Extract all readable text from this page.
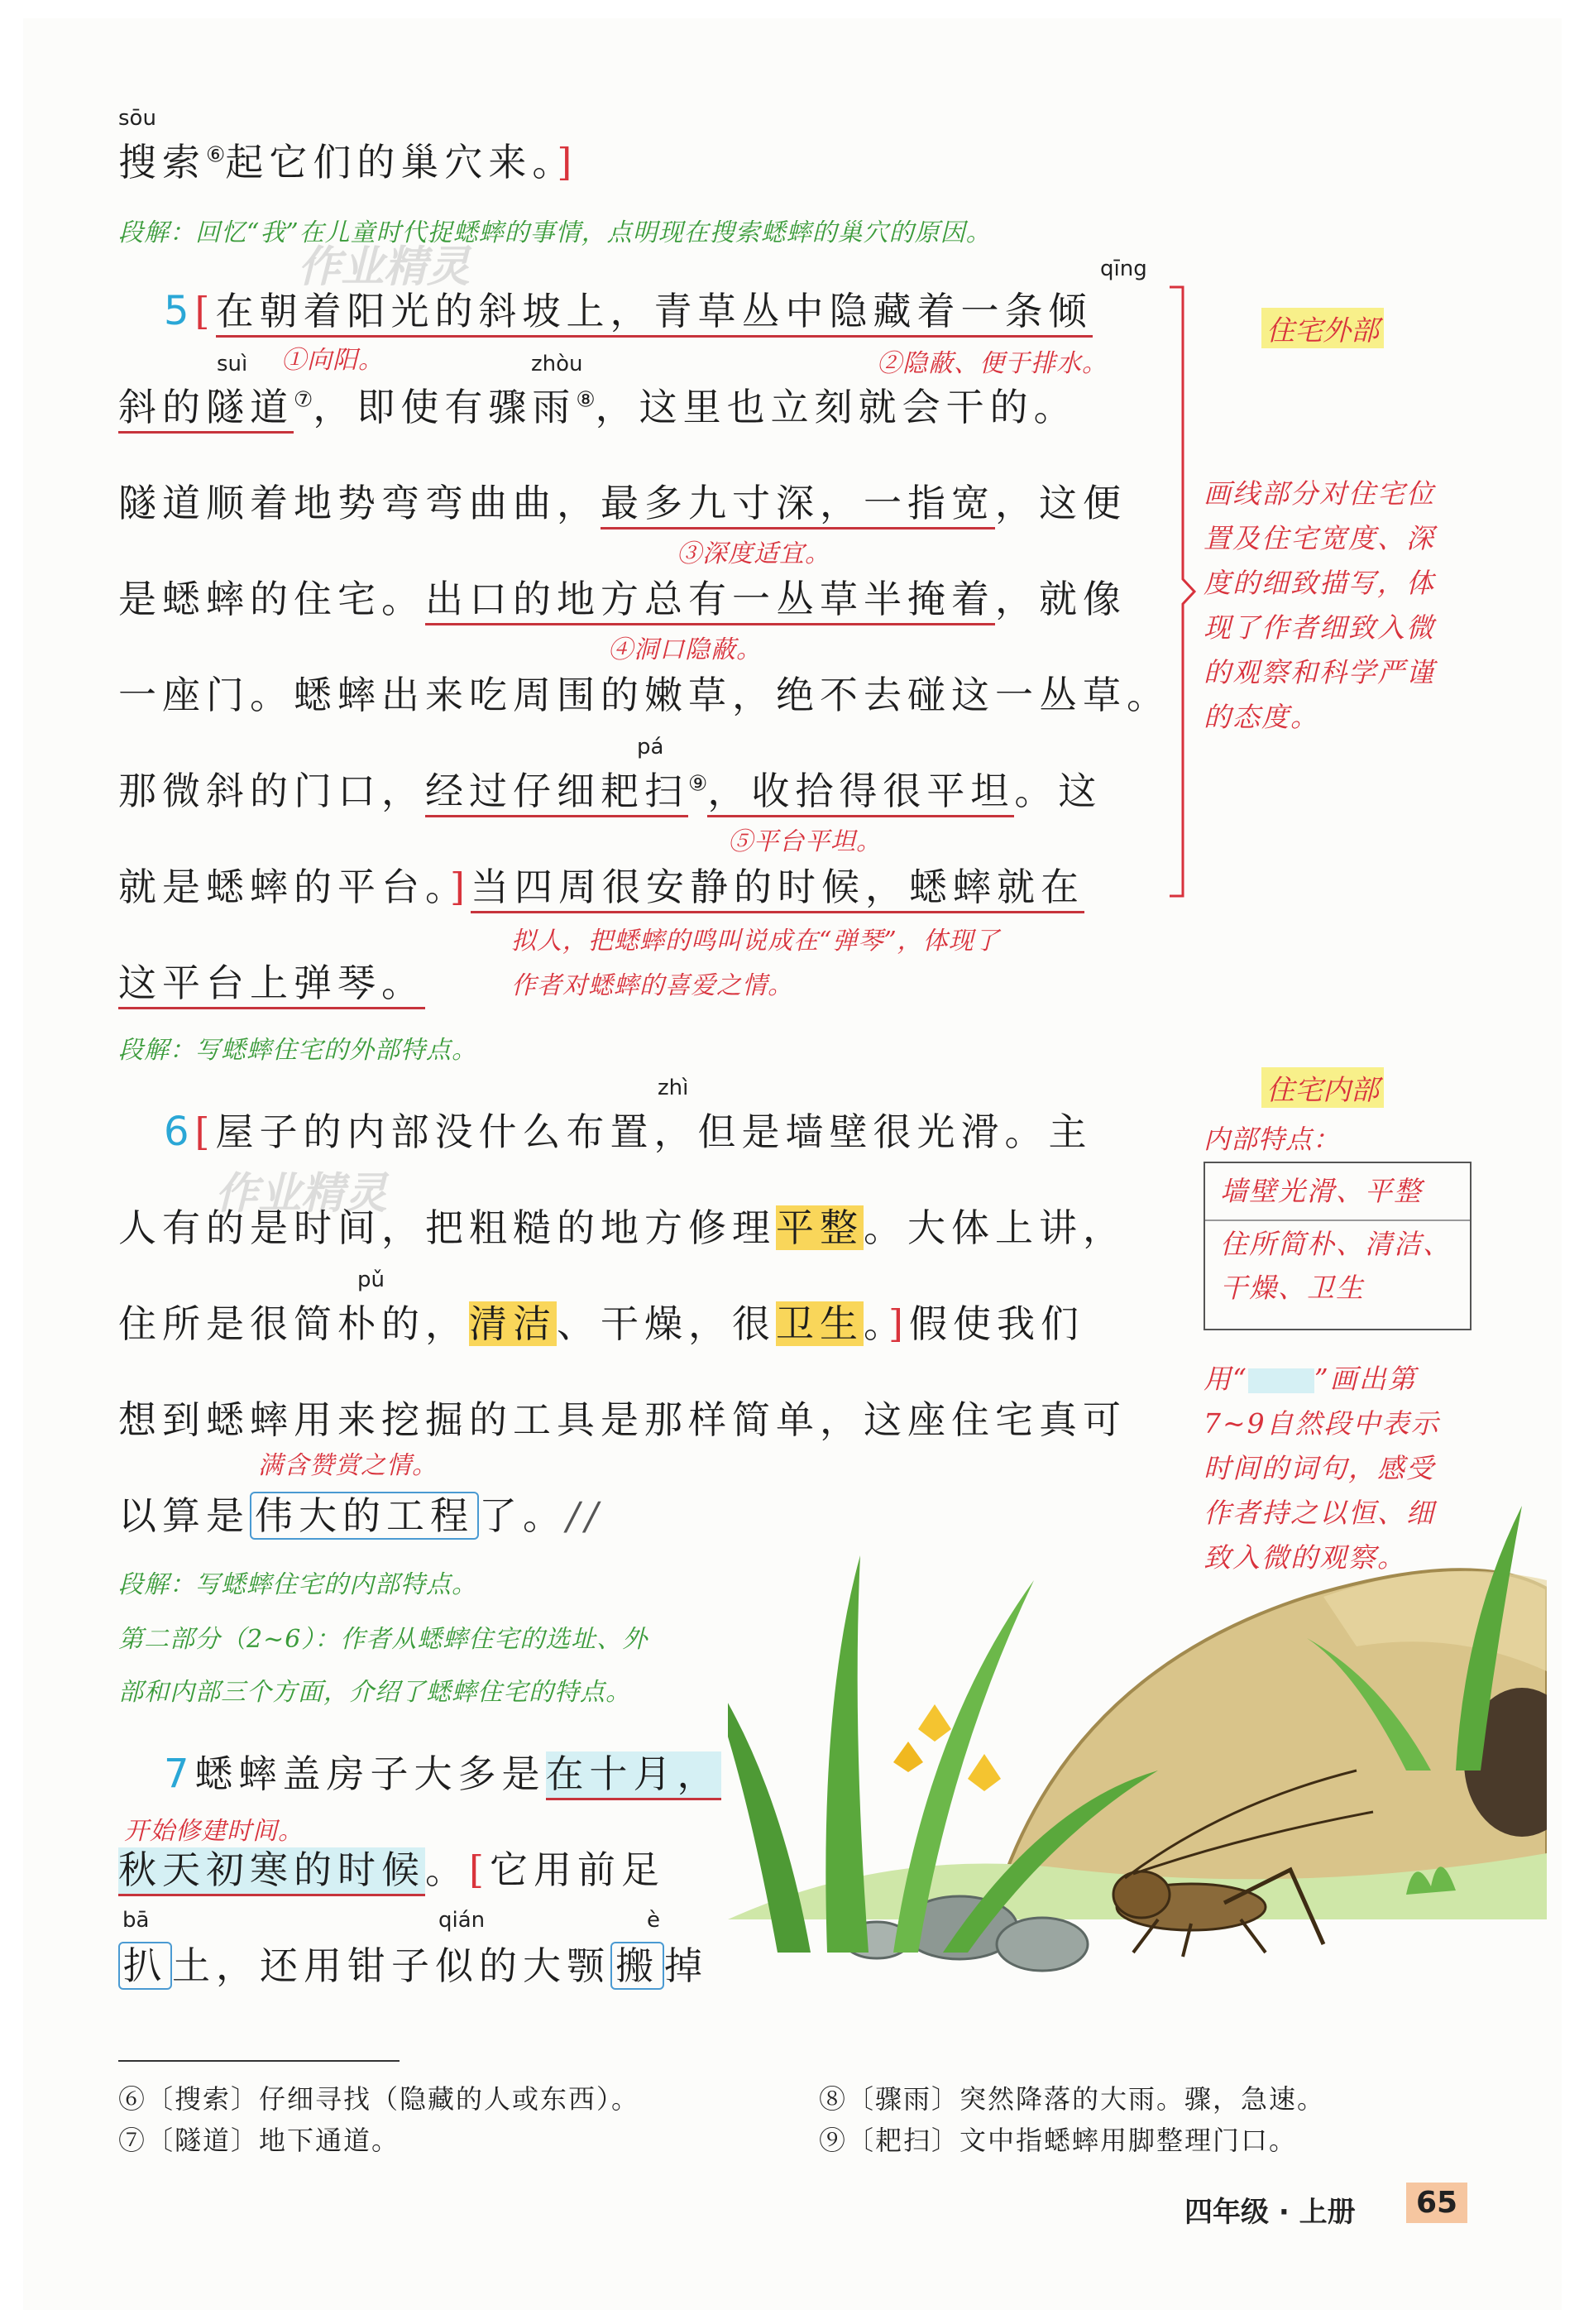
sōu
搜索⑥起它们的巢穴来。]
段解：回忆“我”在儿童时代捉蟋蟀的事情，点明现在搜索蟋蟀的巢穴的原因。
作业精灵	qīng
5[在朝着阳光的斜坡上，青草丛中隐藏着一条倾
①向阳。	②隐蔽、便于排水。
suì	zhòu
斜的隧道⑦，即使有骤雨⑧，这里也立刻就会干的。
隧道顺着地势弯弯曲曲，最多九寸深，一指宽，这便
③深度适宜。
是蟋蟀的住宅。出口的地方总有一丛草半掩着，就像
④洞口隐蔽。
一座门。蟋蟀出来吃周围的嫩草，绝不去碰这一丛草。
pá
那微斜的门口，经过仔细耙扫⑨，收拾得很平坦。这
⑤平台平坦。
就是蟋蟀的平台。]当四周很安静的时候，蟋蟀就在
拟人，把蟋蟀的鸣叫说成在“弹琴”，体现了
作者对蟋蟀的喜爱之情。
这平台上弹琴。
段解：写蟋蟀住宅的外部特点。
住宅外部
画线部分对住宅位
置及住宅宽度、深
度的细致描写，体
现了作者细致入微
的观察和科学严谨
的态度。
zhì
6[屋子的内部没什么布置，但是墙壁很光滑。主
作业精灵
人有的是时间，把粗糙的地方修理平整。大体上讲，
pǔ
住所是很简朴的，清洁、干燥，很卫生。]假使我们
想到蟋蟀用来挖掘的工具是那样简单，这座住宅真可
满含赞赏之情。
以算是 伟大的工程 了。//
段解：写蟋蟀住宅的内部特点。
第二部分（2~6）：作者从蟋蟀住宅的选址、外
部和内部三个方面，介绍了蟋蟀住宅的特点。
住宅内部
内部特点：
墙壁光滑、平整
住所简朴、清洁、
干燥、卫生
用“ ”画出第
7~9自然段中表示
时间的词句，感受
作者持之以恒、细
致入微的观察。
7蟋蟀盖房子大多是在十月，
开始修建时间。
秋天初寒的时候。[它用前足
bā	qián	è
扒 土，还用钳子似的大颚 搬 掉
⑥〔搜索〕仔细寻找（隐藏的人或东西）。
⑦〔隧道〕地下通道。
⑧〔骤雨〕突然降落的大雨。骤，急速。
⑨〔耙扫〕文中指蟋蟀用脚整理门口。
四年级 · 上册	65
